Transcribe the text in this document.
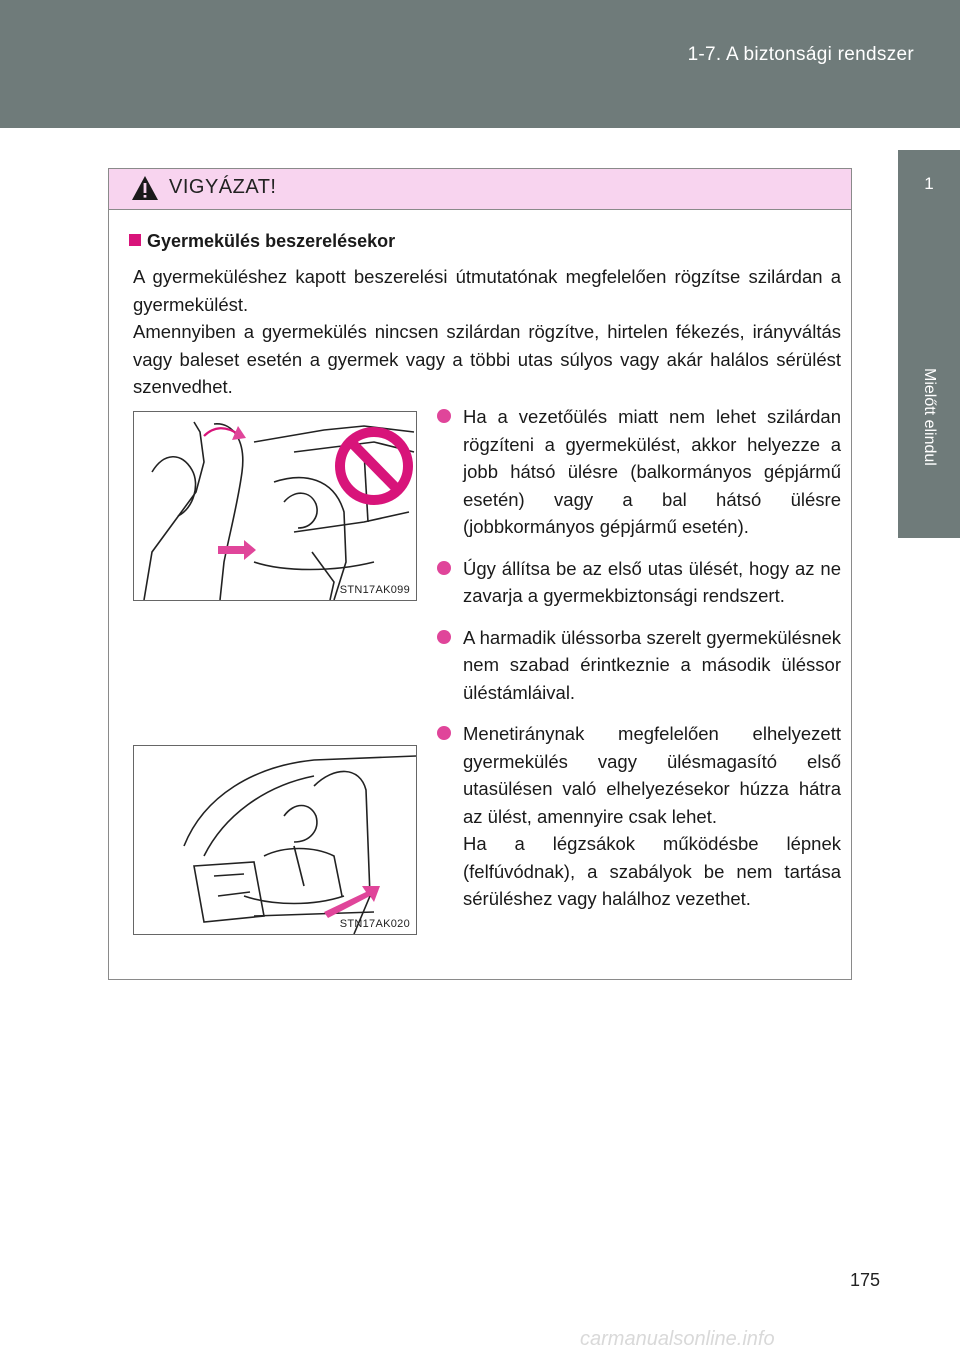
1-7. A biztonsági rendszer
1
Mielőtt elindul
VIGYÁZAT!
Gyermekülés beszerelésekor

A gyermeküléshez kapott beszerelési útmutatónak megfelelően rögzítse szilárdan a gyermekülést.

Amennyiben a gyermekülés nincsen szilárdan rögzítve, hirtelen fékezés, irányváltás vagy baleset esetén a gyermek vagy a többi utas súlyos vagy akár halálos sérülést szenvedhet.

STN17AK099
STN17AK020

Ha a vezetőülés miatt nem lehet szilárdan rögzíteni a gyermekülést, akkor helyezze a jobb hátsó ülésre (balkormányos gépjármű esetén) vagy a bal hátsó ülésre (jobbkormányos gépjármű esetén).

Úgy állítsa be az első utas ülését, hogy az ne zavarja a gyermekbiztonsági rendszert.

A harmadik üléssorba szerelt gyermekülésnek nem szabad érintkeznie a második üléssor üléstámláival.

Menetiránynak megfelelően elhelyezett gyermekülés vagy ülésmagasító első utasülésen való elhelyezésekor húzza hátra az ülést, amennyire csak lehet.

Ha a légzsákok működésbe lépnek (felfúvódnak), a szabályok be nem tartása sérüléshez vagy halálhoz vezethet.

175
carmanualsonline.info
